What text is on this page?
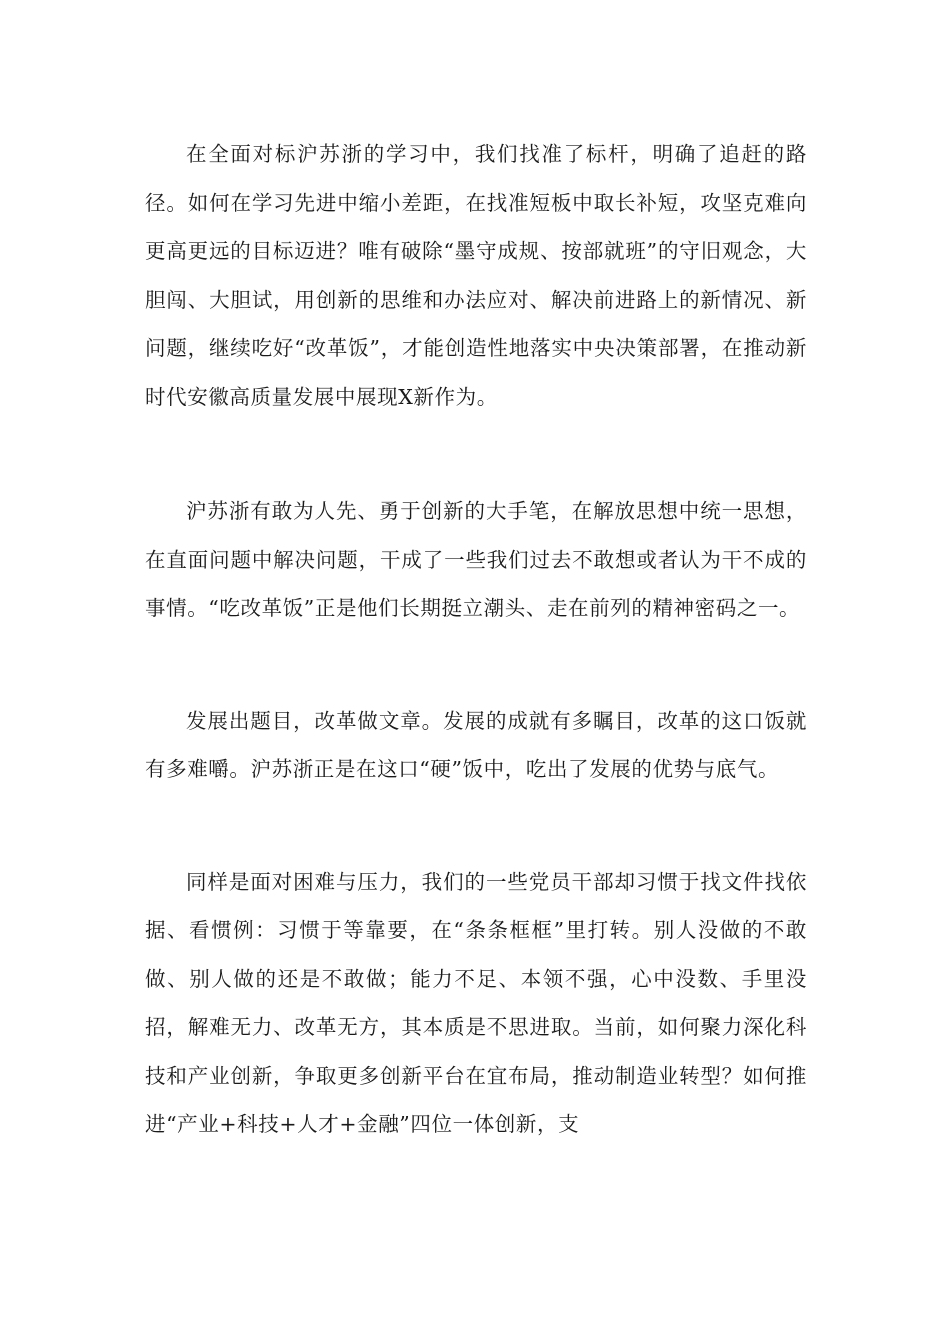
在全面对标沪苏浙的学习中，我们找准了标杆，明确了追赶的路径。如何在学习先进中缩小差距，在找准短板中取长补短，攻坚克难向更高更远的目标迈进？唯有破除“墨守成规、按部就班”的守旧观念，大胆闯、大胆试，用创新的思维和办法应对、解决前进路上的新情况、新问题，继续吃好“改革饭”，才能创造性地落实中央决策部署，在推动新时代安徽高质量发展中展现X新作为。

沪苏浙有敢为人先、勇于创新的大手笔，在解放思想中统一思想，在直面问题中解决问题，干成了一些我们过去不敢想或者认为干不成的事情。“吃改革饭”正是他们长期挺立潮头、走在前列的精神密码之一。

发展出题目，改革做文章。发展的成就有多瞩目，改革的这口饭就有多难嚼。沪苏浙正是在这口“硬”饭中，吃出了发展的优势与底气。

同样是面对困难与压力，我们的一些党员干部却习惯于找文件找依据、看惯例：习惯于等靠要，在“条条框框”里打转。别人没做的不敢做、别人做的还是不敢做；能力不足、本领不强，心中没数、手里没招，解难无力、改革无方，其本质是不思进取。当前，如何聚力深化科技和产业创新，争取更多创新平台在宜布局，推动制造业转型？如何推进“产业+科技+人才+金融”四位一体创新，支
